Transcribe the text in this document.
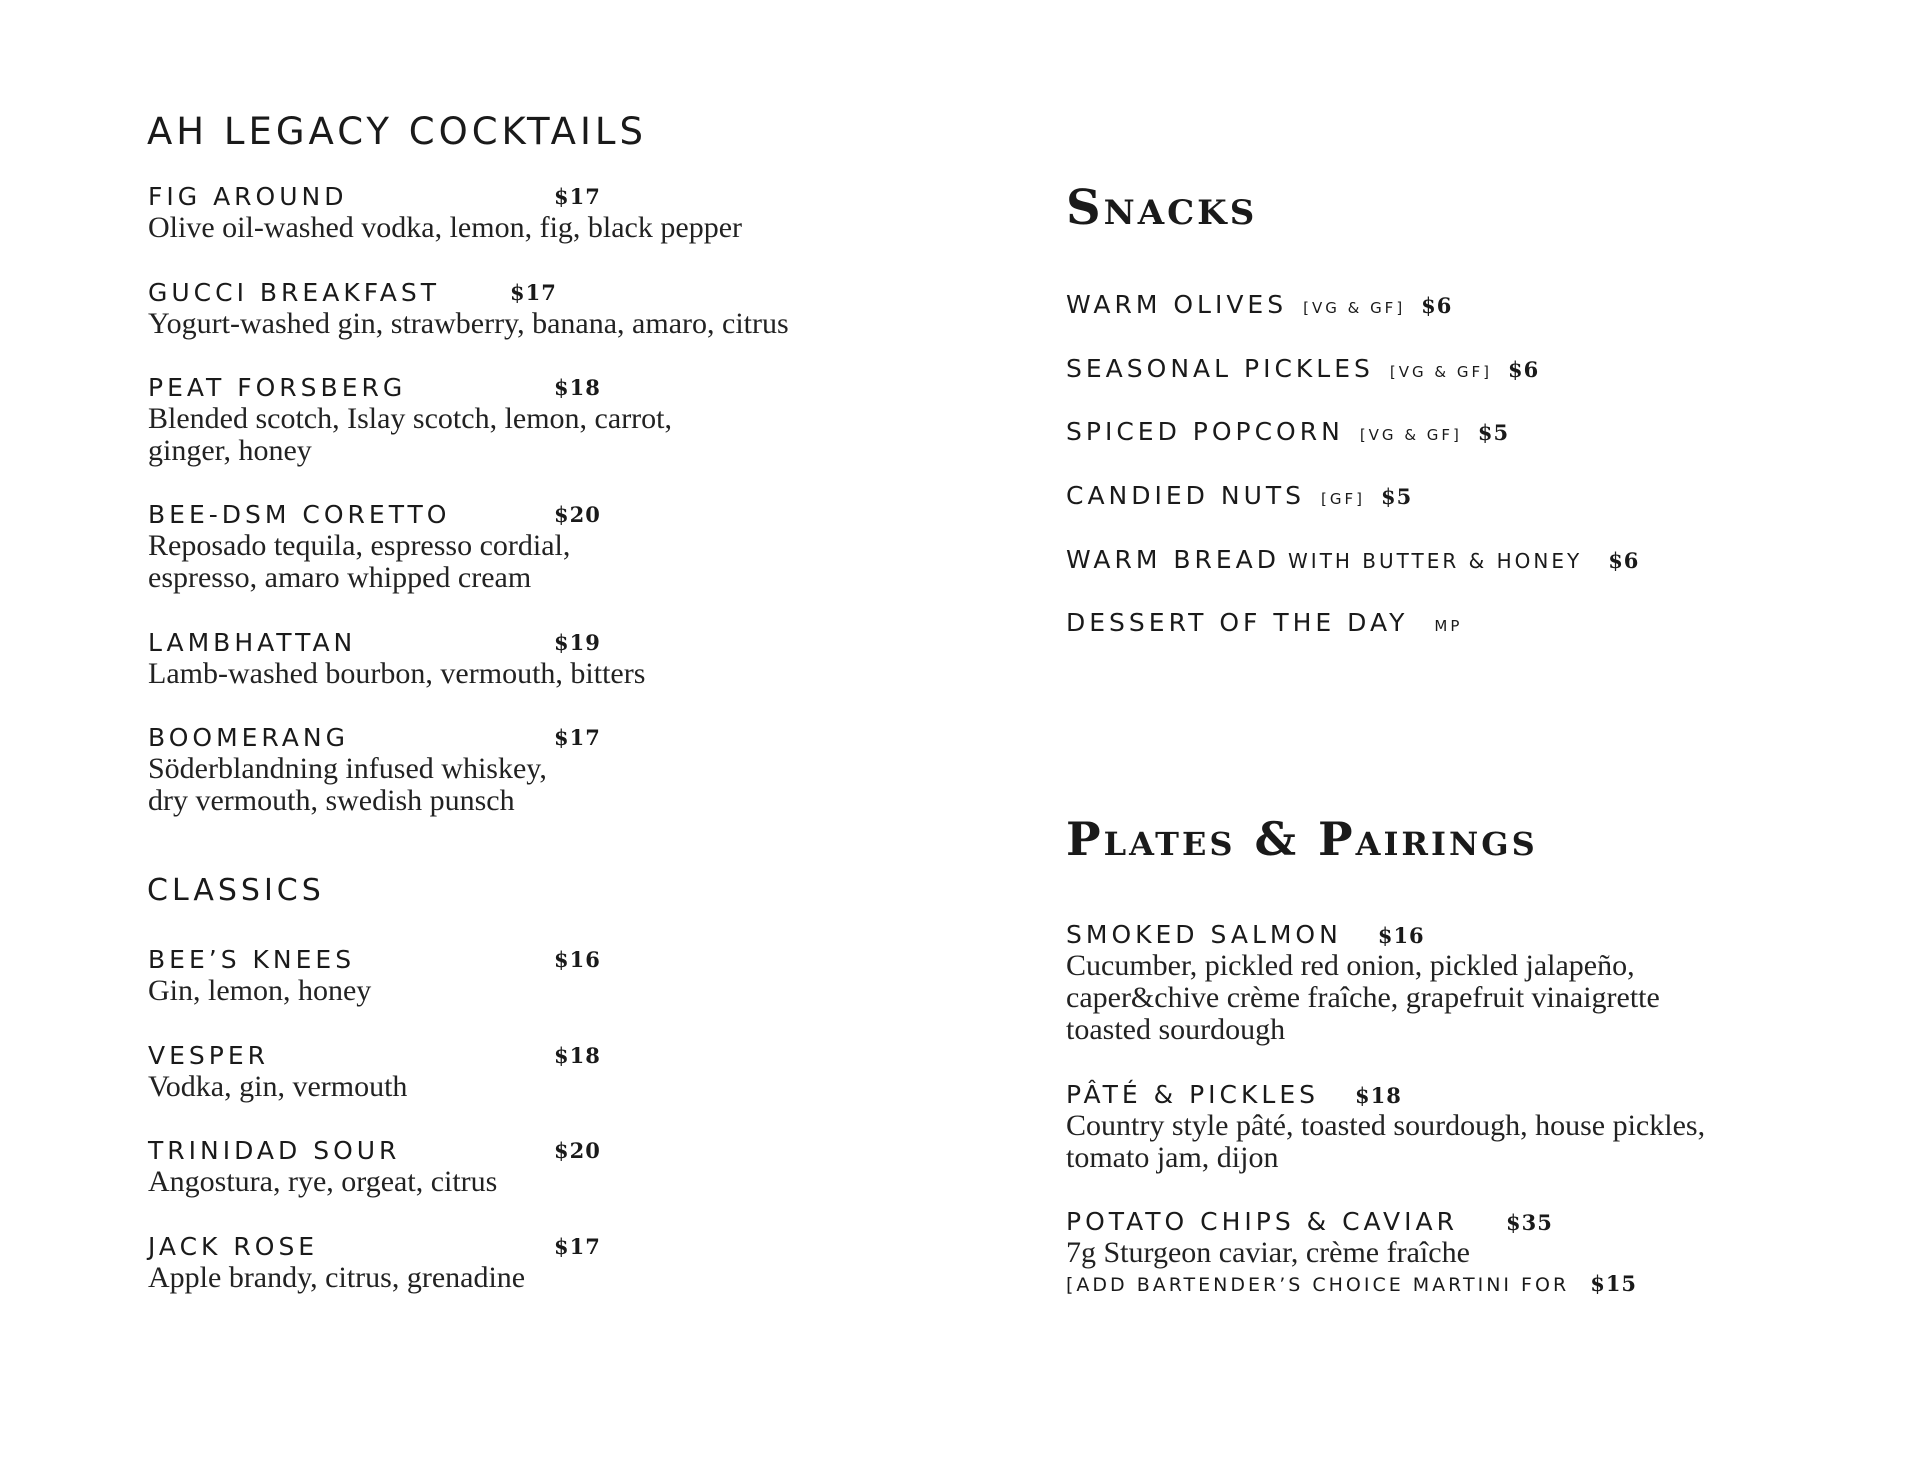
AH LEGACY COCKTAILS
FIG AROUND	$17
Olive oil-washed vodka, lemon, fig, black pepper
GUCCI BREAKFAST	$17
Yogurt-washed gin, strawberry, banana, amaro, citrus
PEAT FORSBERG	$18
Blended scotch, Islay scotch, lemon, carrot,
ginger, honey
BEE-DSM CORETTO	$20
Reposado tequila, espresso cordial,
espresso, amaro whipped cream
LAMBHATTAN	$19
Lamb-washed bourbon, vermouth, bitters
BOOMERANG	$17
Söderblandning infused whiskey,
dry vermouth, swedish punsch
CLASSICS
BEE’S KNEES	$16
Gin, lemon, honey
VESPER	$18
Vodka, gin, vermouth
TRINIDAD SOUR	$20
Angostura, rye, orgeat, citrus
JACK ROSE	$17
Apple brandy, citrus, grenadine
Snacks
WARM OLIVES [VG & GF] $6
SEASONAL PICKLES [VG & GF] $6
SPICED POPCORN [VG & GF] $5
CANDIED NUTS [GF] $5
WARM BREAD WITH BUTTER & HONEY $6
DESSERT OF THE DAY MP
Plates & Pairings
SMOKED SALMON $16
Cucumber, pickled red onion, pickled jalapeño,
caper&chive crème fraîche, grapefruit vinaigrette
toasted sourdough
PÂTÉ & PICKLES $18
Country style pâté, toasted sourdough, house pickles,
tomato jam, dijon
POTATO CHIPS & CAVIAR $35
7g Sturgeon caviar, crème fraîche
[ADD BARTENDER’S CHOICE MARTINI FOR $15
